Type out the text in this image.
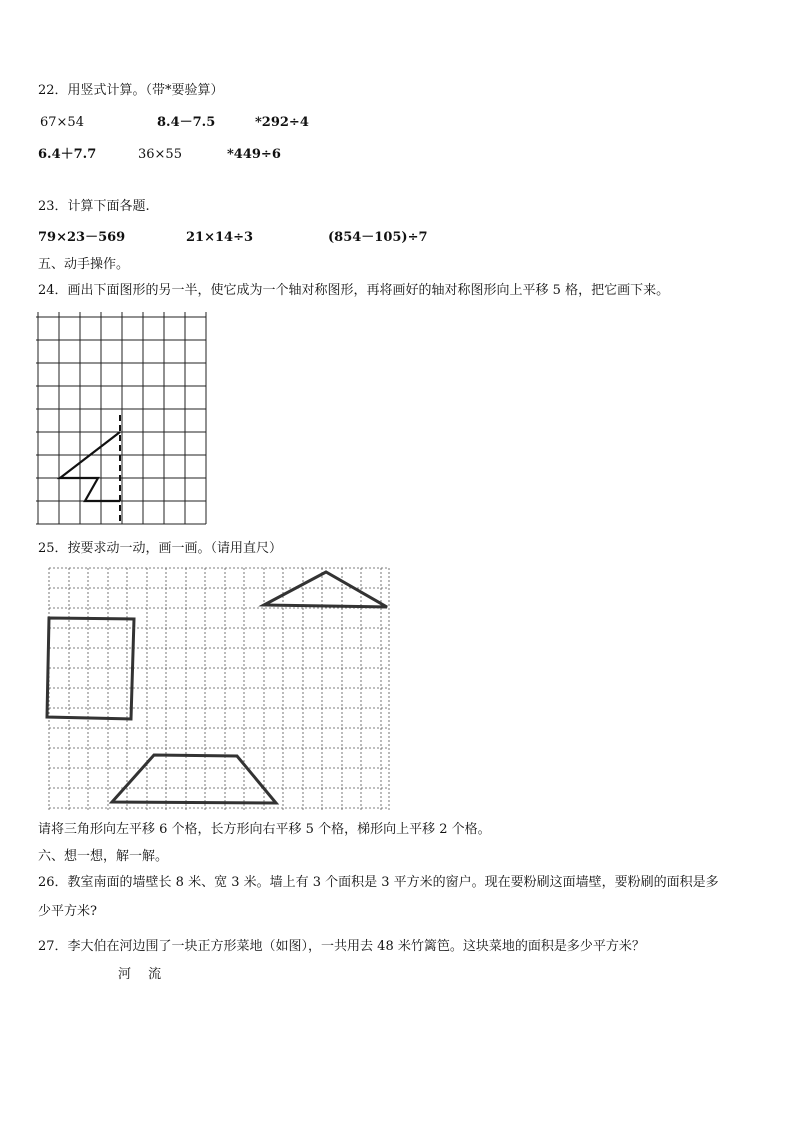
22．用竖式计算。（带*要验算）
67×54	8.4－7.5	*292÷4
6.4＋7.7	36×55	*449÷6
23．计算下面各题.
79×23－569	21×14÷3	(854－105)÷7
五、动手操作。
24．画出下面图形的另一半，使它成为一个轴对称图形，再将画好的轴对称图形向上平移 5 格，把它画下来。
25．按要求动一动，画一画。（请用直尺）
请将三角形向左平移 6 个格，长方形向右平移 5 个格，梯形向上平移 2 个格。
六、想一想，解一解。
26．教室南面的墙壁长 8 米、宽 3 米。墙上有 3 个面积是 3 平方米的窗户。现在要粉刷这面墙壁，要粉刷的面积是多
少平方米?
27．李大伯在河边围了一块正方形菜地（如图），一共用去 48 米竹篱笆。这块菜地的面积是多少平方米？
河　 流
